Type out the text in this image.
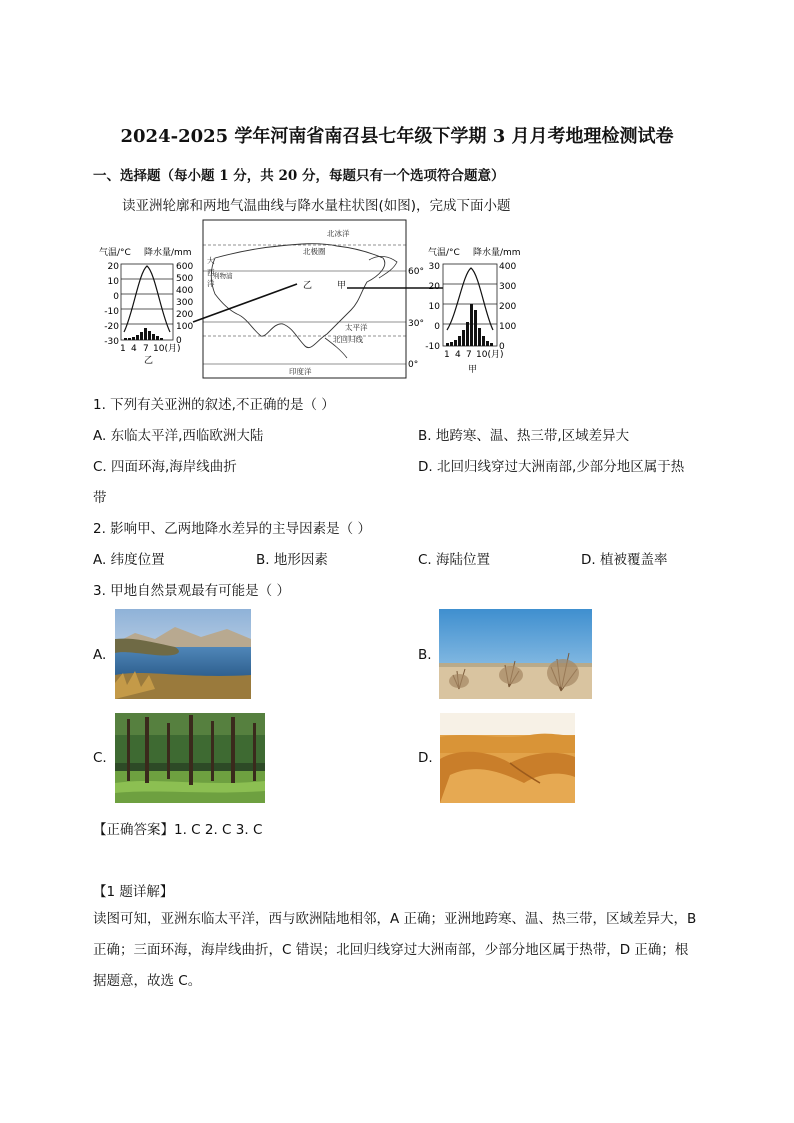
2024-2025 学年河南省南召县七年级下学期 3 月月考地理检测试卷
一、选择题（每小题 1 分，共 20 分，每题只有一个选项符合题意）
读亚洲轮廓和两地气温曲线与降水量柱状图(如图)，完成下面小题
气温/°C 降水量/mm
20
10
0
-10
-20
-30
600
500
400
300
200
100
0
1 4 7 10(月)
乙
北冰洋
北极圈
太平洋
北回归线
印度洋
大
西
洋
利物浦
乙	甲
60°
30°
0°
气温/°C 降水量/mm
30
20
10
0
-10
400
300
200
100
0
1 4 7 10(月)
甲
1. 下列有关亚洲的叙述,不正确的是（ ）
A. 东临太平洋,西临欧洲大陆	B. 地跨寒、温、热三带,区域差异大
C. 四面环海,海岸线曲折	D. 北回归线穿过大洲南部,少部分地区属于热
带
2. 影响甲、乙两地降水差异的主导因素是（ ）
A. 纬度位置	B. 地形因素	C. 海陆位置	D. 植被覆盖率
3. 甲地自然景观最有可能是（ ）
A.	B.
C.	D.
【正确答案】1. C 2. C 3. C
【1 题详解】
读图可知，亚洲东临太平洋，西与欧洲陆地相邻，A 正确；亚洲地跨寒、温、热三带，区域差异大，B 正确；三面环海，海岸线曲折，C 错误；北回归线穿过大洲南部，少部分地区属于热带，D 正确；根据题意，故选 C。
